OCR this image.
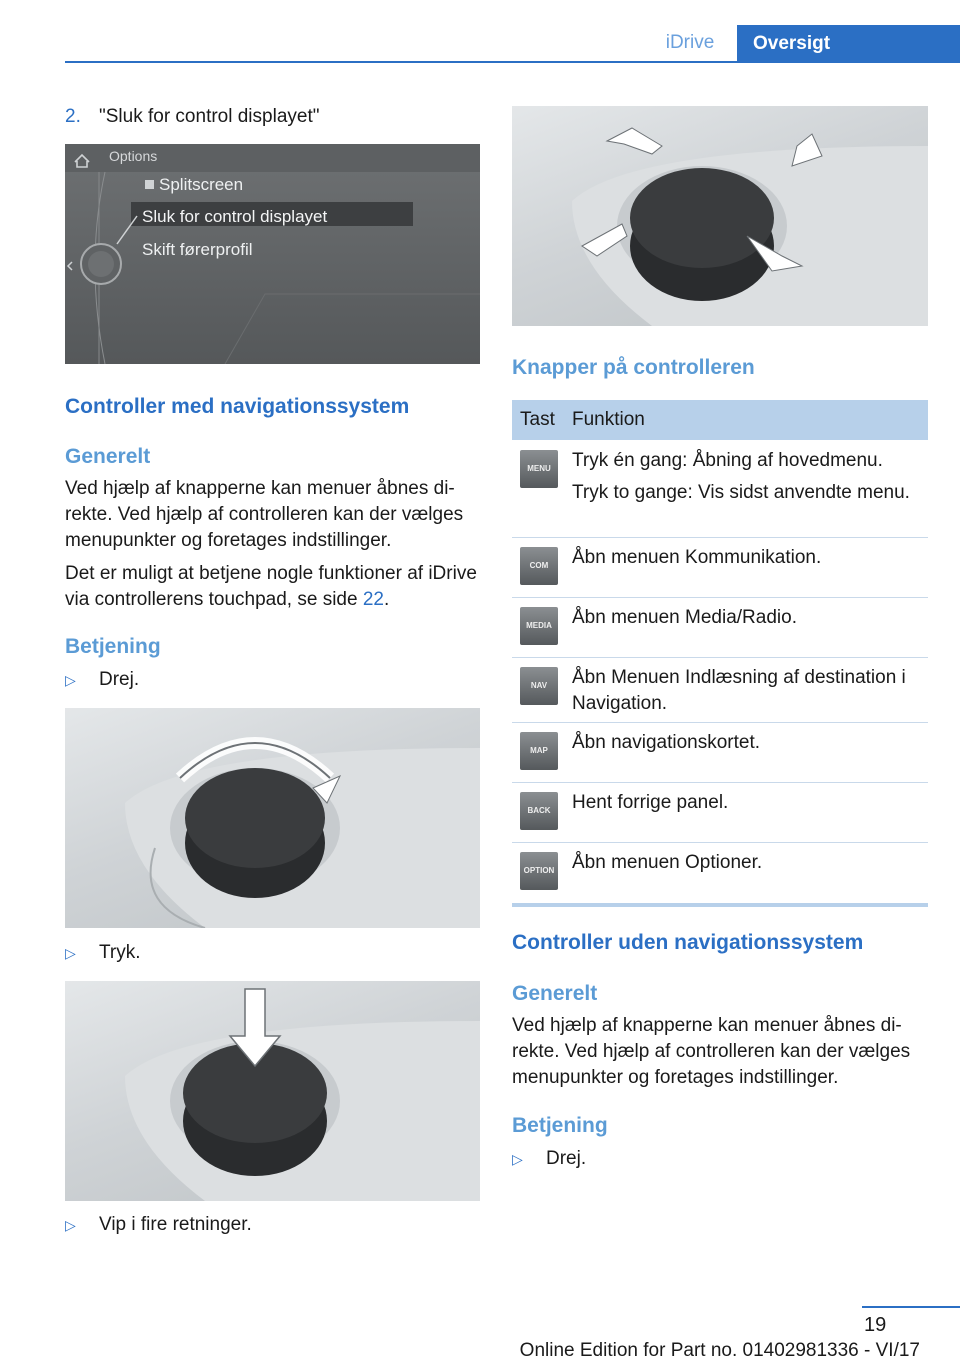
iDrive	Oversigt
2. "Sluk for control displayet"
Options
Splitscreen
Sluk for control displayet
Skift førerprofil
Controller med navigationssystem
Generelt
Ved hjælp af knapperne kan menuer åbnes di‐rekte. Ved hjælp af controlleren kan der vælges menupunkter og foretages indstillinger.
Det er muligt at betjene nogle funktioner af iDrive via controllerens touchpad, se side 22.
Betjening
▷ Drej.
▷ Tryk.
▷ Vip i fire retninger.
Knapper på controlleren
Tast Funktion
MENU	Tryk én gang: Åbning af hovedmenu.
Tryk to gange: Vis sidst anvendte menu.
COM	Åbn menuen Kommunikation.
MEDIA	Åbn menuen Media/Radio.
NAV	Åbn Menuen Indlæsning af destination i Navigation.
MAP	Åbn navigationskortet.
BACK	Hent forrige panel.
OPTION Åbn menuen Optioner.
Controller uden navigationssystem
Generelt
Ved hjælp af knapperne kan menuer åbnes di‐rekte. Ved hjælp af controlleren kan der vælges menupunkter og foretages indstillinger.
Betjening
▷ Drej.
19
Online Edition for Part no. 01402981336 - VI/17
